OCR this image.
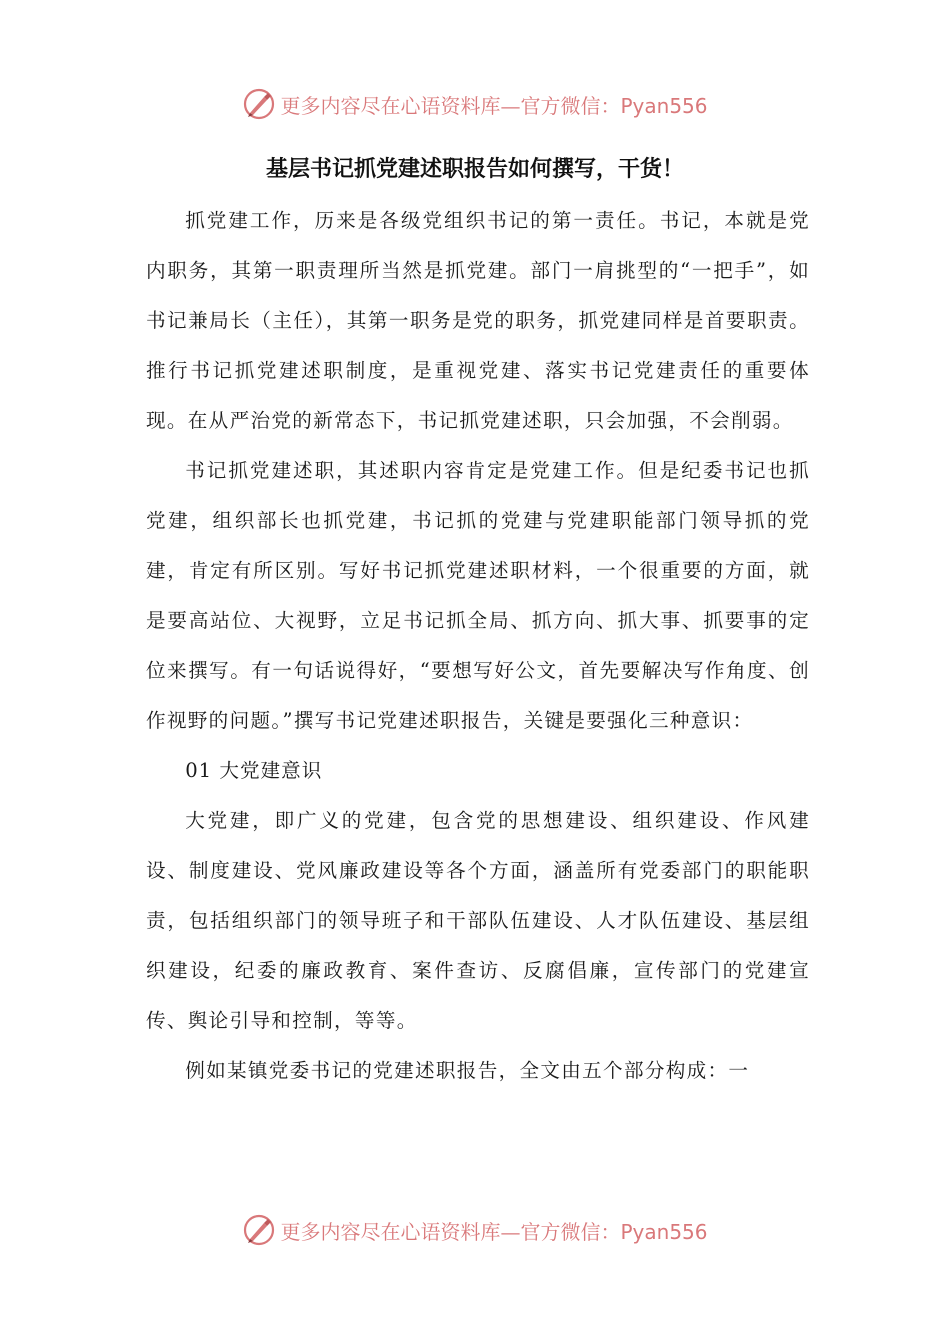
更多内容尽在心语资料库—官方微信：Pyan556
基层书记抓党建述职报告如何撰写，干货！

抓党建工作，历来是各级党组织书记的第一责任。书记，本就是党内职务，其第一职责理所当然是抓党建。部门一肩挑型的“一把手”，如书记兼局长（主任），其第一职务是党的职务，抓党建同样是首要职责。推行书记抓党建述职制度，是重视党建、落实书记党建责任的重要体现。在从严治党的新常态下，书记抓党建述职，只会加强，不会削弱。

书记抓党建述职，其述职内容肯定是党建工作。但是纪委书记也抓党建，组织部长也抓党建，书记抓的党建与党建职能部门领导抓的党建，肯定有所区别。写好书记抓党建述职材料，一个很重要的方面，就是要高站位、大视野，立足书记抓全局、抓方向、抓大事、抓要事的定位来撰写。有一句话说得好，“要想写好公文，首先要解决写作角度、创作视野的问题。”撰写书记党建述职报告，关键是要强化三种意识：

01 大党建意识

大党建，即广义的党建，包含党的思想建设、组织建设、作风建设、制度建设、党风廉政建设等各个方面，涵盖所有党委部门的职能职责，包括组织部门的领导班子和干部队伍建设、人才队伍建设、基层组织建设，纪委的廉政教育、案件查访、反腐倡廉，宣传部门的党建宣传、舆论引导和控制，等等。

例如某镇党委书记的党建述职报告，全文由五个部分构成：一

更多内容尽在心语资料库—官方微信：Pyan556
